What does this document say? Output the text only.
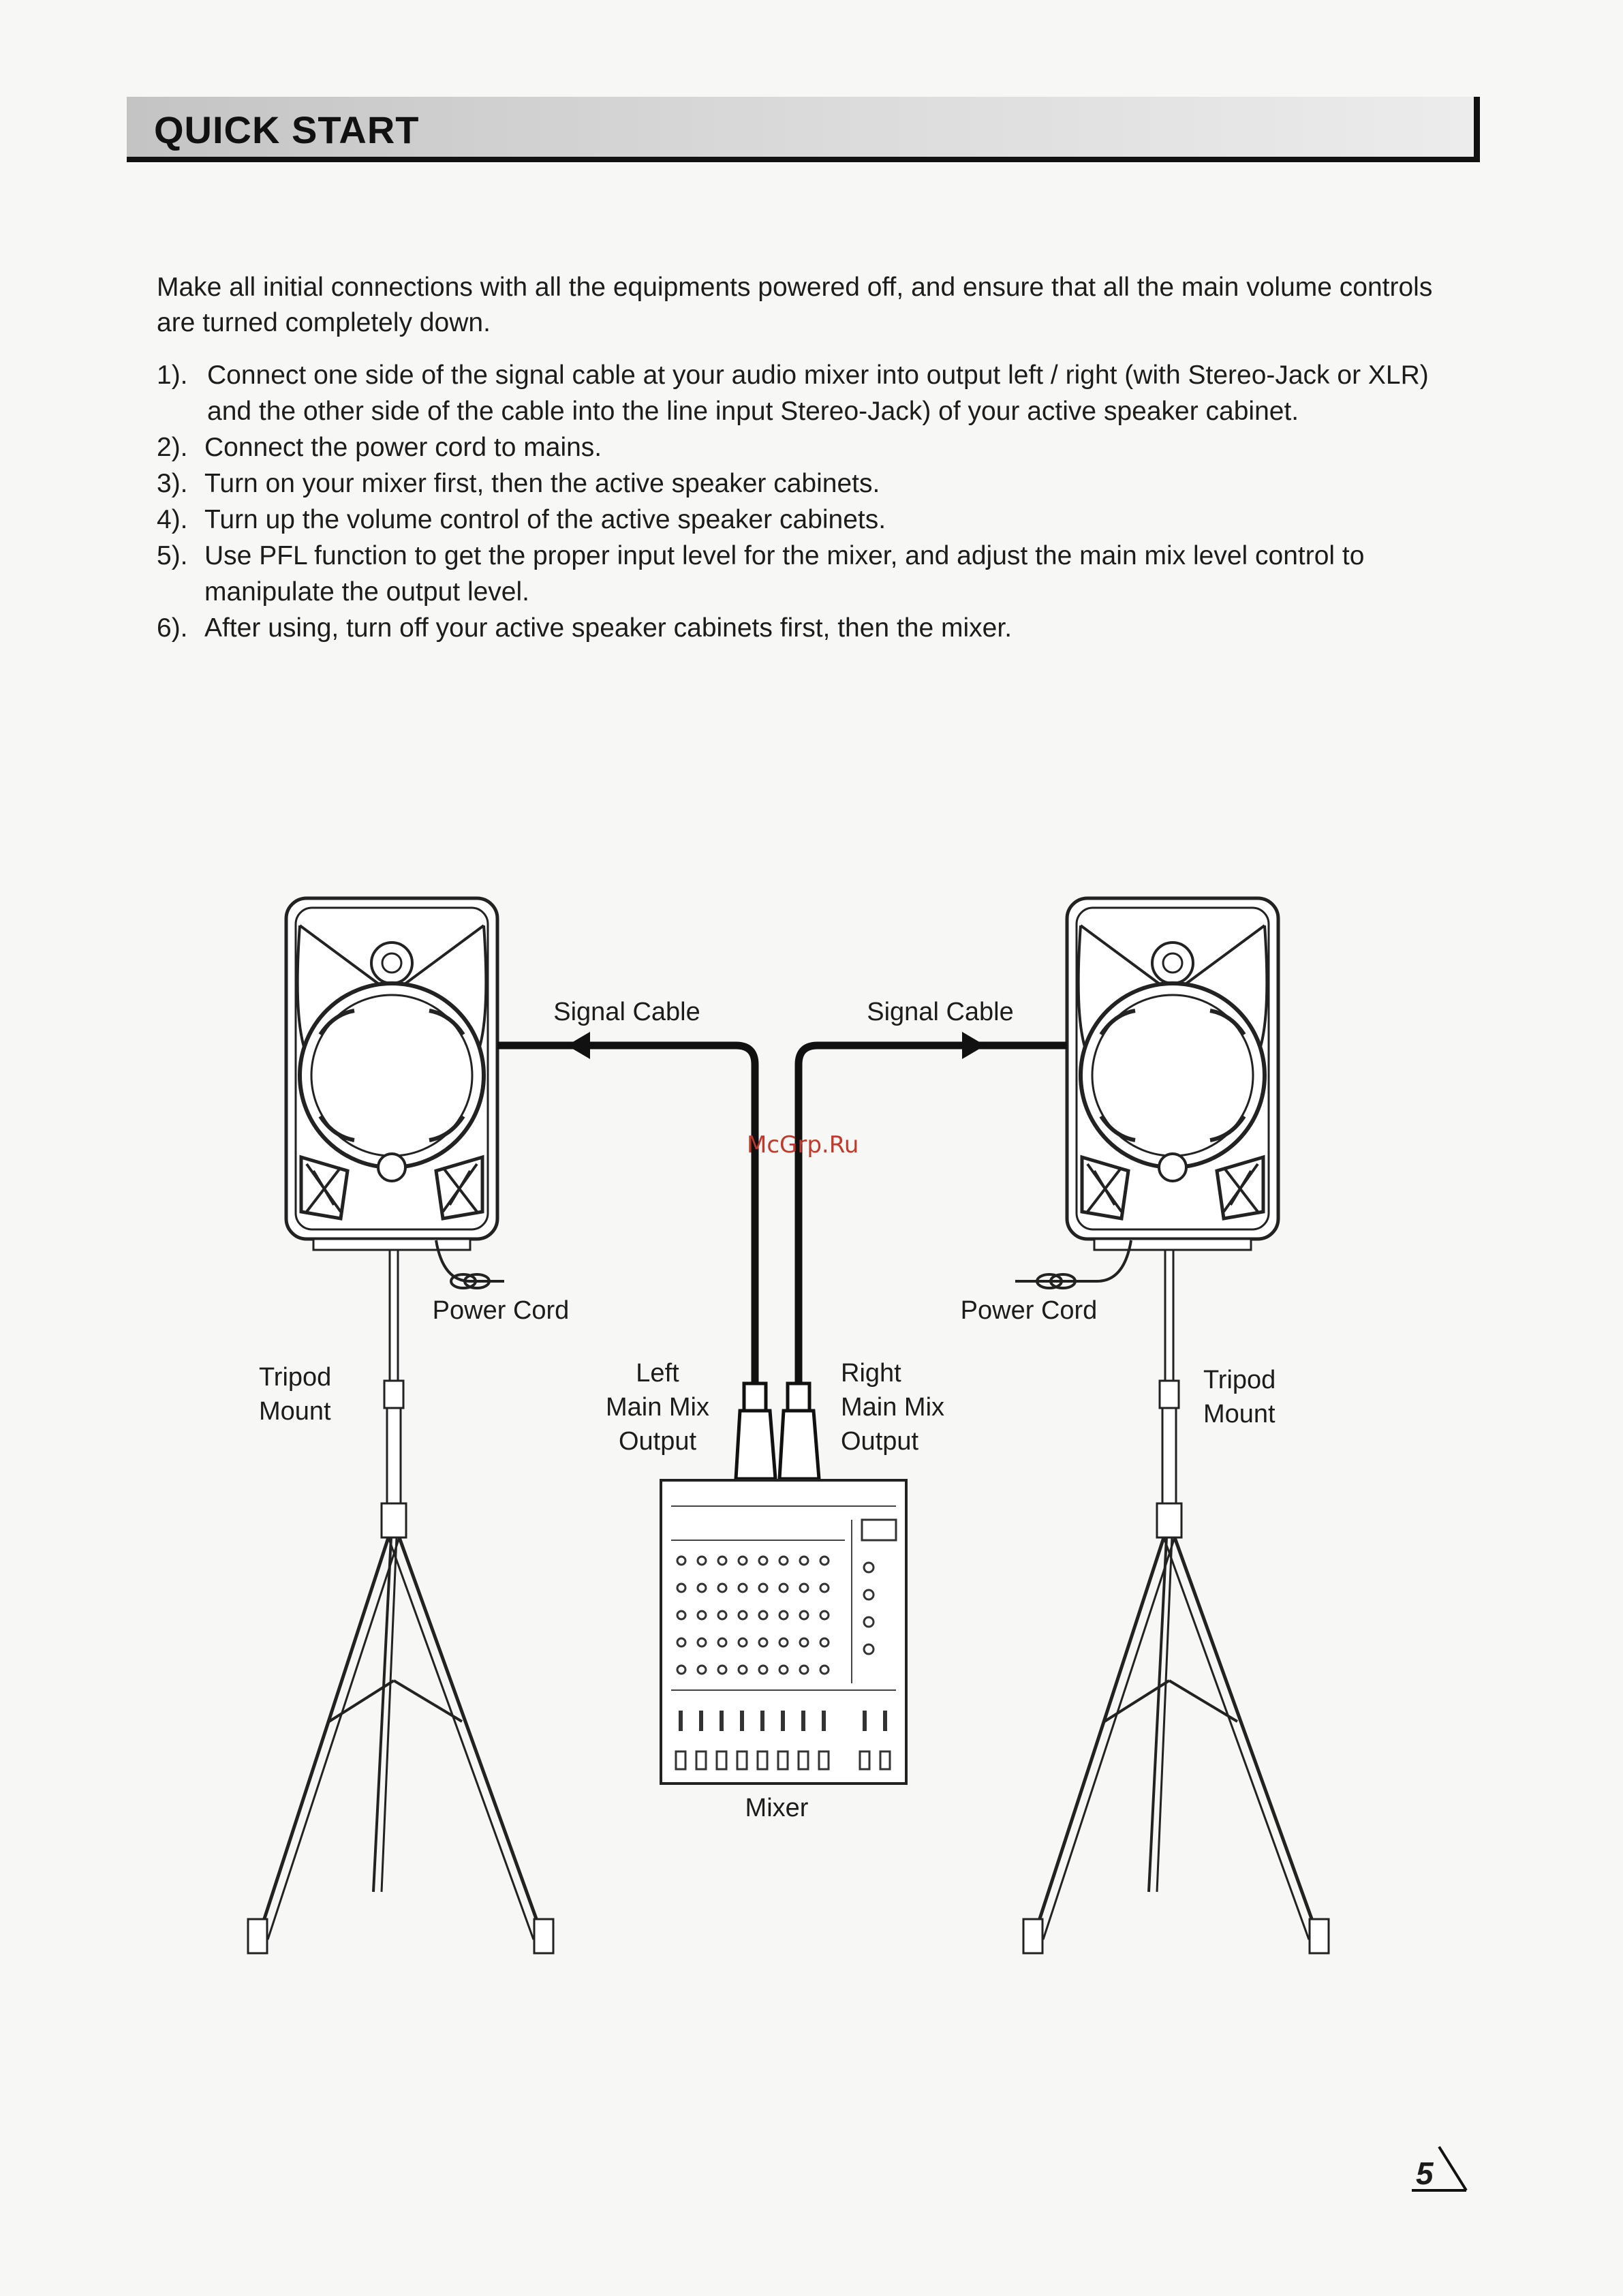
QUICK START

Make all initial connections with all the equipments powered off, and ensure that all the main volume controls are turned completely down.

1). Connect one side of the signal cable at your audio mixer into output left / right (with Stereo-Jack or XLR) and the other side of the cable into the line input Stereo-Jack) of your active speaker cabinet.
2). Connect the power cord to mains.
3). Turn on your mixer first, then the active speaker cabinets.
4). Turn up the volume control of the active speaker cabinets.
5). Use PFL function to get the proper input level for the mixer, and adjust the main mix level control to manipulate the output level.
6). After using, turn off your active speaker cabinets first, then the mixer.
Signal Cable	Signal Cable
Power Cord	Power Cord
Tripod
Mount
Tripod
Mount
Left
Main Mix
Output
Right
Main Mix
Output
Mixer
McGrp.Ru
5
